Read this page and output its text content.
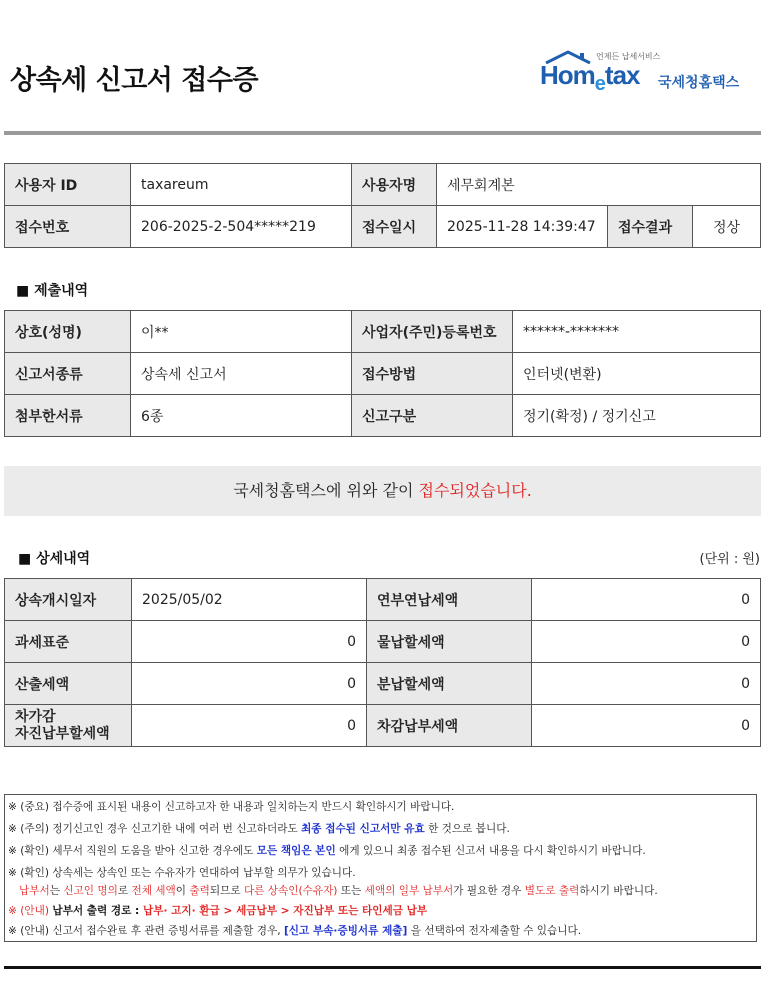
상속세 신고서 접수증
언제든 납세서비스
Hom$_e$tax 국세청홈택스
사용자 ID	taxareum	사용자명	세무회계본		
접수번호	206-2025-2-504*****219	접수일시	2025-11-28 14:39:47	접수결과	정상
■ 제출내역
상호(성명)	이**	사업자(주민)등록번호	******-*******
신고서종류	상속세 신고서	접수방법	인터넷(변환)
첨부한서류	6종	신고구분	정기(확정) / 정기신고
국세청홈택스에 위와 같이 접수되었습니다.
■ 상세내역	(단위 : 원)
상속개시일자	2025/05/02	연부연납세액	0
과세표준	0	물납할세액	0
산출세액	0	분납할세액	0
차가감
자진납부할세액	0	차감납부세액	0
※ (중요) 접수증에 표시된 내용이 신고하고자 한 내용과 일치하는지 반드시 확인하시기 바랍니다.
※ (주의) 정기신고인 경우 신고기한 내에 여러 번 신고하더라도 최종 접수된 신고서만 유효 한 것으로 봅니다.
※ (확인) 세무서 직원의 도움을 받아 신고한 경우에도 모든 책임은 본인 에게 있으니 최종 접수된 신고서 내용을 다시 확인하시기 바랍니다.
※ (확인) 상속세는 상속인 또는 수유자가 연대하여 납부할 의무가 있습니다.
납부서는 신고인 명의로 전체 세액이 출력되므로 다른 상속인(수유자) 또는 세액의 일부 납부서가 필요한 경우 별도로 출력하시기 바랍니다.
※ (안내) 납부서 출력 경로 : 납부· 고지· 환급 > 세금납부 > 자진납부 또는 타인세금 납부
※ (안내) 신고서 접수완료 후 관련 증빙서류를 제출할 경우, [신고 부속·증빙서류 제출] 을 선택하여 전자제출할 수 있습니다.
